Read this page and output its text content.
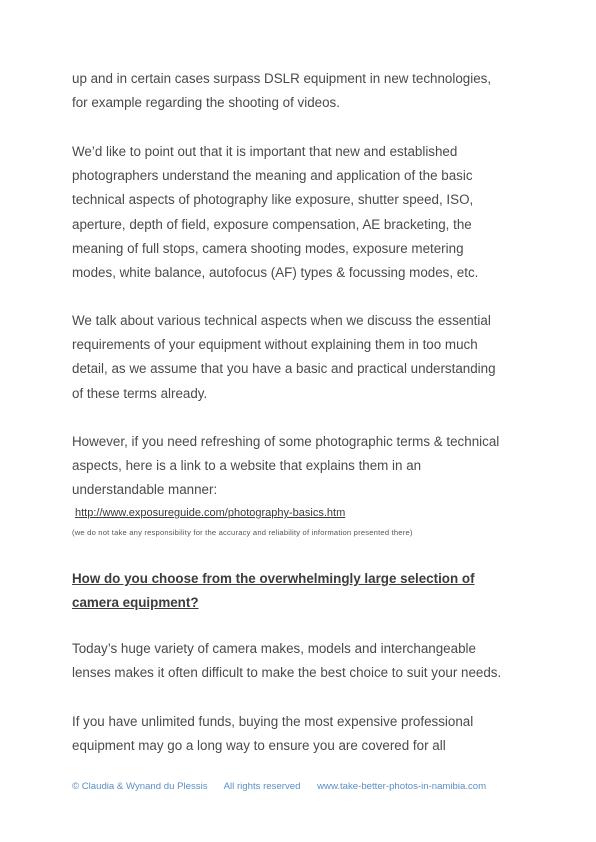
up and in certain cases surpass DSLR equipment in new technologies,
for example regarding the shooting of videos.

We’d like to point out that it is important that new and established
photographers understand the meaning and application of the basic
technical aspects of photography like exposure, shutter speed, ISO,
aperture, depth of field, exposure compensation, AE bracketing, the
meaning of full stops, camera shooting modes, exposure metering
modes, white balance, autofocus (AF) types & focussing modes, etc.

We talk about various technical aspects when we discuss the essential
requirements of your equipment without explaining them in too much
detail, as we assume that you have a basic and practical understanding
of these terms already.

However, if you need refreshing of some photographic terms & technical
aspects, here is a link to a website that explains them in an
understandable manner:

http://www.exposureguide.com/photography-basics.htm
(we do not take any responsibility for the accuracy and reliability of information presented there)
How do you choose from the overwhelmingly large selection of
camera equipment?

Today’s huge variety of camera makes, models and interchangeable
lenses makes it often difficult to make the best choice to suit your needs.

If you have unlimited funds, buying the most expensive professional
equipment may go a long way to ensure you are covered for all

© Claudia & Wynand du Plessis All rights reserved www.take-better-photos-in-namibia.com
